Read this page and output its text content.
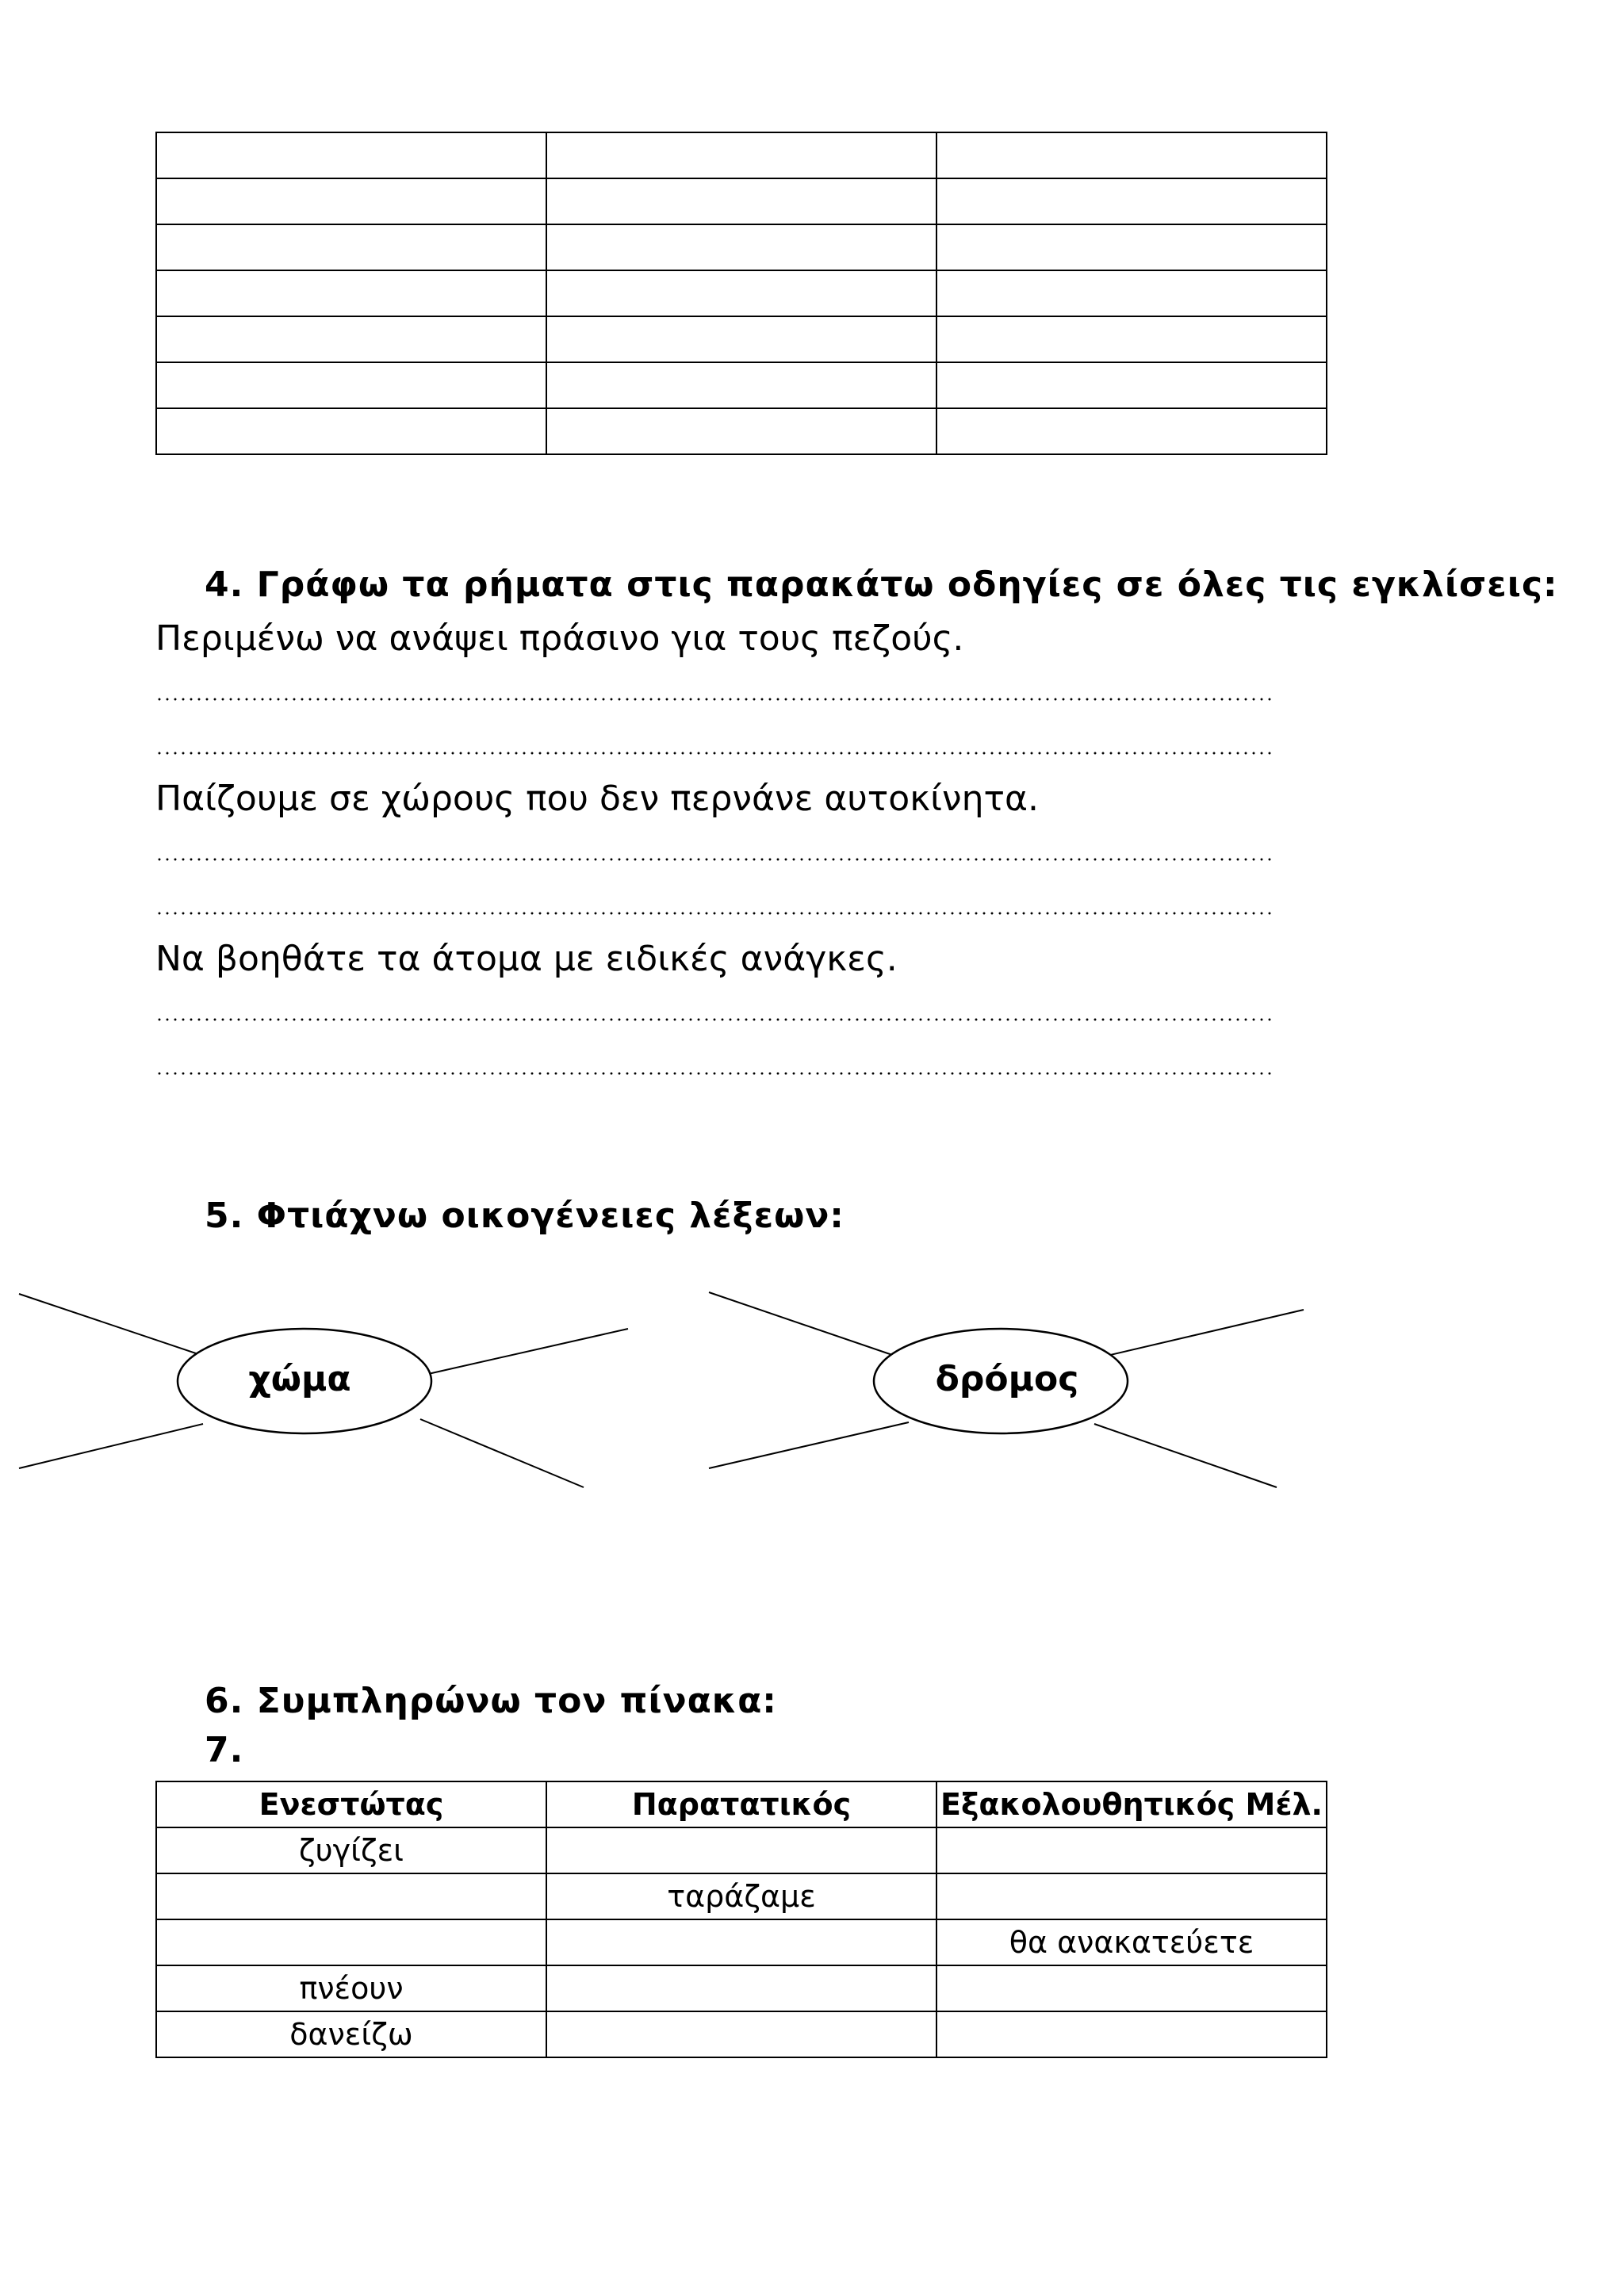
4. Γράφω τα ρήματα στις παρακάτω οδηγίες σε όλες τις εγκλίσεις:
Περιμένω να ανάψει πράσινο για τους πεζούς.
Παίζουμε σε χώρους που δεν περνάνε αυτοκίνητα.
Να βοηθάτε τα άτομα με ειδικές ανάγκες.
5. Φτιάχνω οικογένειες λέξεων:
χώμα	δρόμος
6. Συμπληρώνω τον πίνακα:
7.
Ενεστώτας	Παρατατικός	Εξακολουθητικός Μέλ.
ζυγίζει		
	ταράζαμε	
		θα ανακατεύετε
πνέουν		
δανείζω		
